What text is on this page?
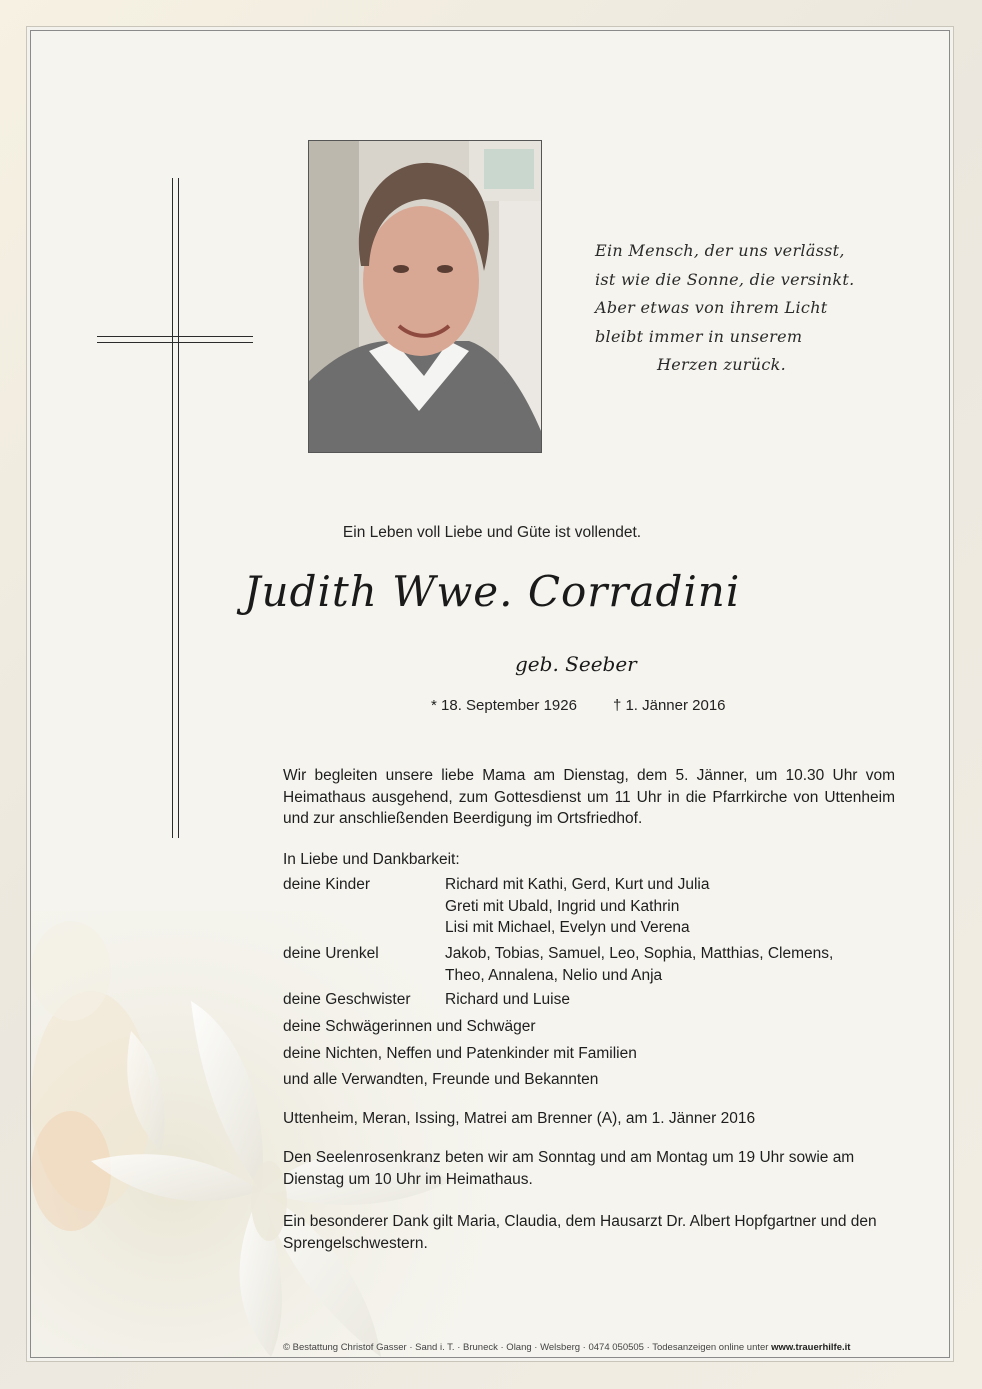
Ein Mensch, der uns verlässt,
ist wie die Sonne, die versinkt.
Aber etwas von ihrem Licht
bleibt immer in unserem
Herzen zurück.
Ein Leben voll Liebe und Güte ist vollendet.
Judith Wwe. Corradini
geb. Seeber
* 18. September 1926 † 1. Jänner 2016
Wir begleiten unsere liebe Mama am Dienstag, dem 5. Jänner, um 10.30 Uhr vom Heimathaus ausgehend, zum Gottesdienst um 11 Uhr in die Pfarrkirche von Uttenheim und zur anschließenden Beerdigung im Ortsfriedhof.
In Liebe und Dankbarkeit:
deine Kinder	Richard mit Kathi, Gerd, Kurt und Julia
Greti mit Ubald, Ingrid und Kathrin
Lisi mit Michael, Evelyn und Verena
deine Urenkel	Jakob, Tobias, Samuel, Leo, Sophia, Matthias, Clemens,
Theo, Annalena, Nelio und Anja
deine Geschwister Richard und Luise
deine Schwägerinnen und Schwäger
deine Nichten, Neffen und Patenkinder mit Familien
und alle Verwandten, Freunde und Bekannten
Uttenheim, Meran, Issing, Matrei am Brenner (A), am 1. Jänner 2016
Den Seelenrosenkranz beten wir am Sonntag und am Montag um 19 Uhr sowie am Dienstag um 10 Uhr im Heimathaus.
Ein besonderer Dank gilt Maria, Claudia, dem Hausarzt Dr. Albert Hopfgartner und den Sprengelschwestern.
© Bestattung Christof Gasser · Sand i. T. · Bruneck · Olang · Welsberg · 0474 050505 · Todesanzeigen online unter www.trauerhilfe.it
